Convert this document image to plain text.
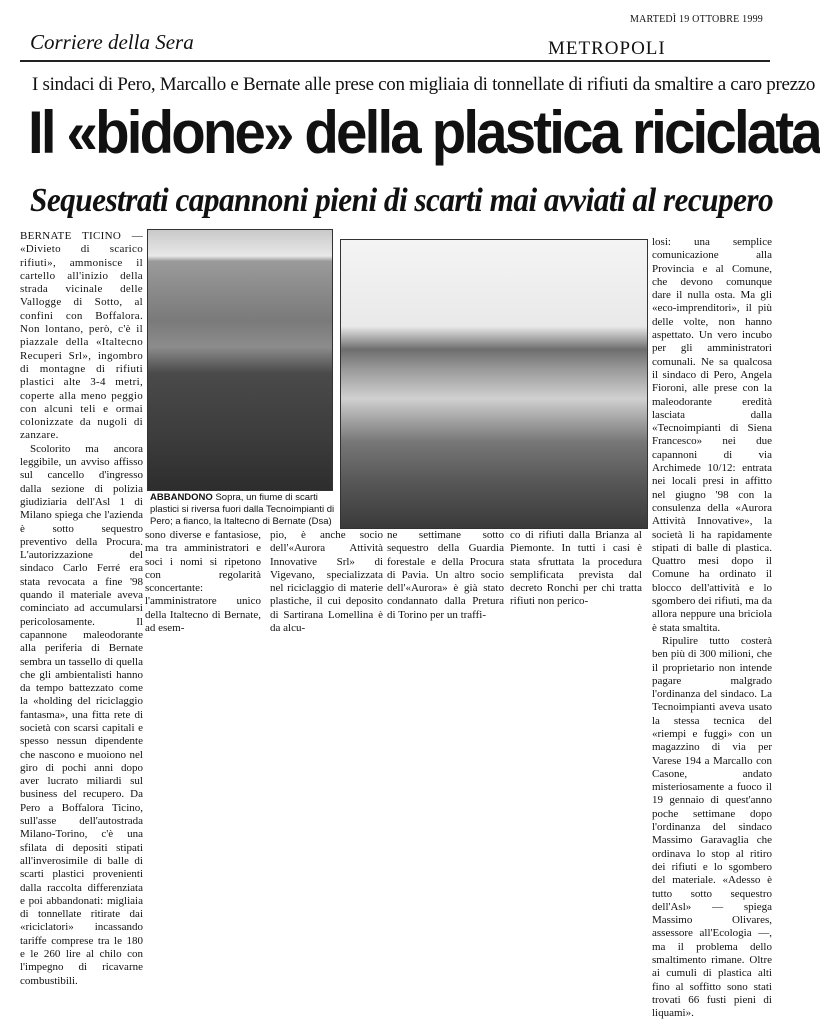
MARTEDÌ 19 OTTOBRE 1999
Corriere della Sera	METROPOLI
I sindaci di Pero, Marcallo e Bernate alle prese con migliaia di tonnellate di rifiuti da smaltire a caro prezzo
Il «bidone» della plastica riciclata
Sequestrati capannoni pieni di scarti mai avviati al recupero

BERNATE TICINO — «Divieto di scarico rifiuti», ammonisce il cartello all'inizio della strada vicinale delle Vallogge di Sotto, al confini con Boffalora. Non lontano, però, c'è il piazzale della «Italtecno Recuperi Srl», ingombro di montagne di rifiuti plastici alte 3-4 metri, coperte alla meno peggio con alcuni teli e ormai colonizzate da nugoli di zanzare.

Scolorito ma ancora leggibile, un avviso affisso sul cancello d'ingresso dalla sezione di polizia giudiziaria dell'Asl 1 di Milano spiega che l'azienda è sotto sequestro preventivo della Procura. L'autorizzazione del sindaco Carlo Ferré era stata revocata a fine '98 quando il materiale aveva cominciato ad accumularsi pericolosamente. Il capannone maleodorante alla periferia di Bernate sembra un tassello di quella che gli ambientalisti hanno da tempo battezzato come la «holding del riciclaggio fantasma», una fitta rete di società con scarsi capitali e spesso nessun dipendente che nascono e muoiono nel giro di pochi anni dopo aver lucrato miliardi sul business del recupero. Da Pero a Boffalora Ticino, sull'asse dell'autostrada Milano-Torino, c'è una sfilata di depositi stipati all'inverosimile di balle di scarti plastici provenienti dalla raccolta differenziata e poi abbandonati: migliaia di tonnellate ritirate dai «riciclatori» incassando tariffe comprese tra le 180 e le 260 lire al chilo con l'impegno di ricavarne combustibili.

ABBANDONO Sopra, un fiume di scarti plastici si riversa fuori dalla Tecnoimpianti di Pero; a fianco, la Italtecno di Bernate (Dsa)

sono diverse e fantasiose, ma tra amministratori e soci i nomi si ripetono con regolarità sconcertante: l'amministratore unico della Italtecno di Bernate, ad esem-

pio, è anche socio dell'«Aurora Attività Innovative Srl» di Vigevano, specializzata nel riciclaggio di materie plastiche, il cui deposito di Sartirana Lomellina è da alcu-

ne settimane sotto sequestro della Guardia forestale e della Procura di Pavia. Un altro socio dell'«Aurora» è già stato condannato dalla Pretura di Torino per un traffi-

co di rifiuti dalla Brianza al Piemonte. In tutti i casi è stata sfruttata la procedura semplificata prevista dal decreto Ronchi per chi tratta rifiuti non perico-

losi: una semplice comunicazione alla Provincia e al Comune, che devono comunque dare il nulla osta. Ma gli «eco-imprenditori», il più delle volte, non hanno aspettato. Un vero incubo per gli amministratori comunali. Ne sa qualcosa il sindaco di Pero, Angela Fioroni, alle prese con la maleodorante eredità lasciata dalla «Tecnoimpianti di Siena Francesco» nei due capannoni di via Archimede 10/12: entrata nei locali presi in affitto nel giugno '98 con la consulenza della «Aurora Attività Innovative», la società li ha rapidamente stipati di balle di plastica. Quattro mesi dopo il Comune ha ordinato il blocco dell'attività e lo sgombero dei rifiuti, ma da allora neppure una briciola è stata smaltita.

Ripulire tutto costerà ben più di 300 milioni, che il proprietario non intende pagare malgrado l'ordinanza del sindaco. La Tecnoimpianti aveva usato la stessa tecnica del «riempi e fuggi» con un magazzino di via per Varese 194 a Marcallo con Casone, andato misteriosamente a fuoco il 19 gennaio di quest'anno poche settimane dopo l'ordinanza del sindaco Massimo Garavaglia che ordinava lo stop al ritiro dei rifiuti e lo sgombero del materiale. «Adesso è tutto sotto sequestro dell'Asl» — spiega Massimo Olivares, assessore all'Ecologia —, ma il problema dello smaltimento rimane. Oltre ai cumuli di plastica alti fino al soffitto sono stati trovati 66 fusti pieni di liquami».
